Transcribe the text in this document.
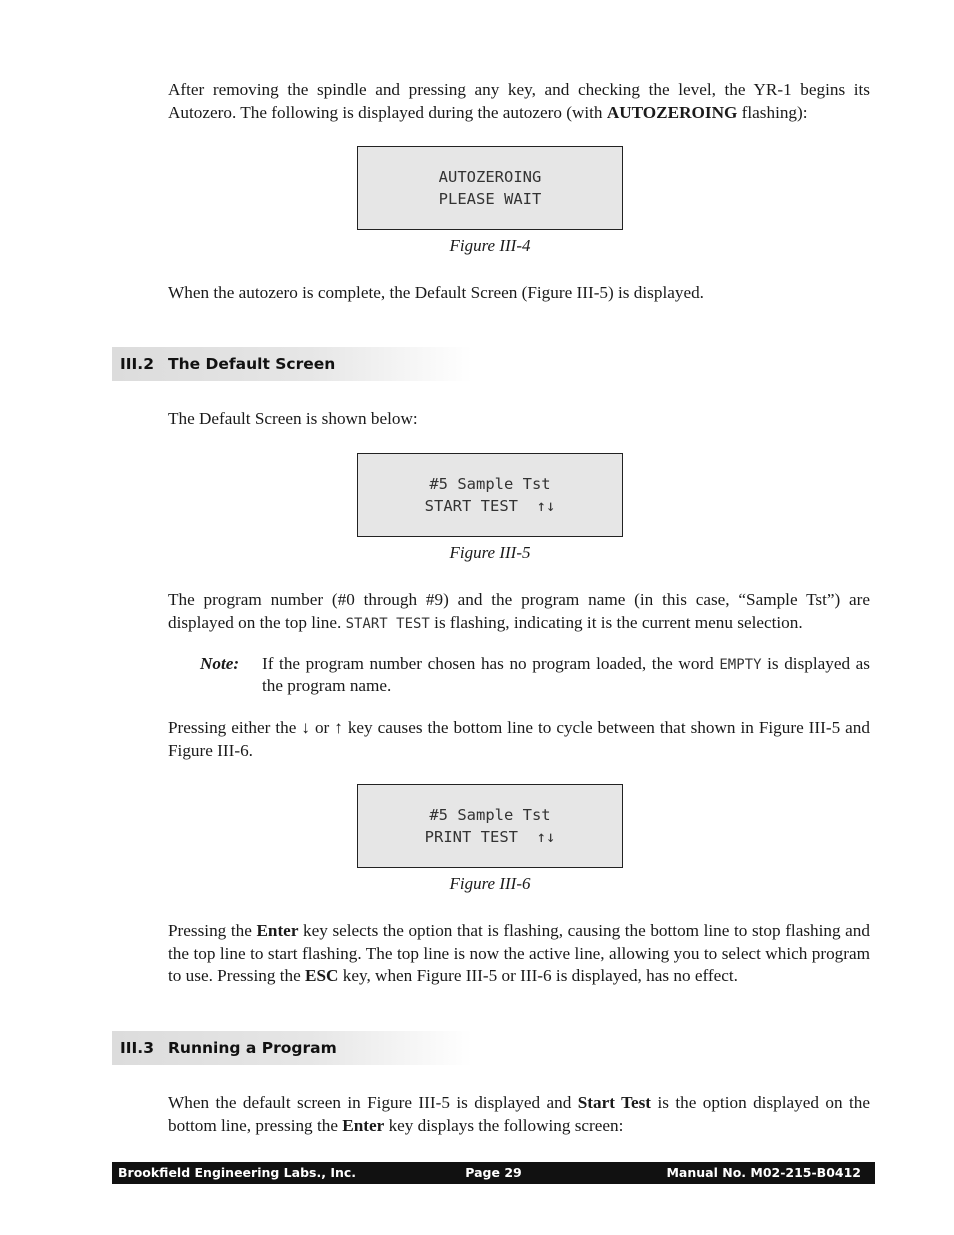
After removing the spindle and pressing any key, and checking the level, the YR-1 begins its Autozero. The following is displayed during the autozero (with AUTOZEROING flashing):

AUTOZEROING
PLEASE WAIT
Figure III-4

When the autozero is complete, the Default Screen (Figure III-5) is displayed.

III.2 The Default Screen

The Default Screen is shown below:

#5 Sample Tst
START TEST  ↑↓
Figure III-5

The program number (#0 through #9) and the program name (in this case, “Sample Tst”) are displayed on the top line. START TEST is flashing, indicating it is the current menu selection.

Note: If the program number chosen has no program loaded, the word EMPTY is displayed as the program name.

Pressing either the ↓ or ↑ key causes the bottom line to cycle between that shown in Figure III-5 and Figure III-6.

#5 Sample Tst
PRINT TEST  ↑↓
Figure III-6

Pressing the Enter key selects the option that is flashing, causing the bottom line to stop flashing and the top line to start flashing. The top line is now the active line, allowing you to select which program to use. Pressing the ESC key, when Figure III-5 or III-6 is displayed, has no effect.

III.3 Running a Program

When the default screen in Figure III-5 is displayed and Start Test is the option displayed on the bottom line, pressing the Enter key displays the following screen:

Brookfield Engineering Labs., Inc.	Page 29	Manual No. M02-215-B0412
